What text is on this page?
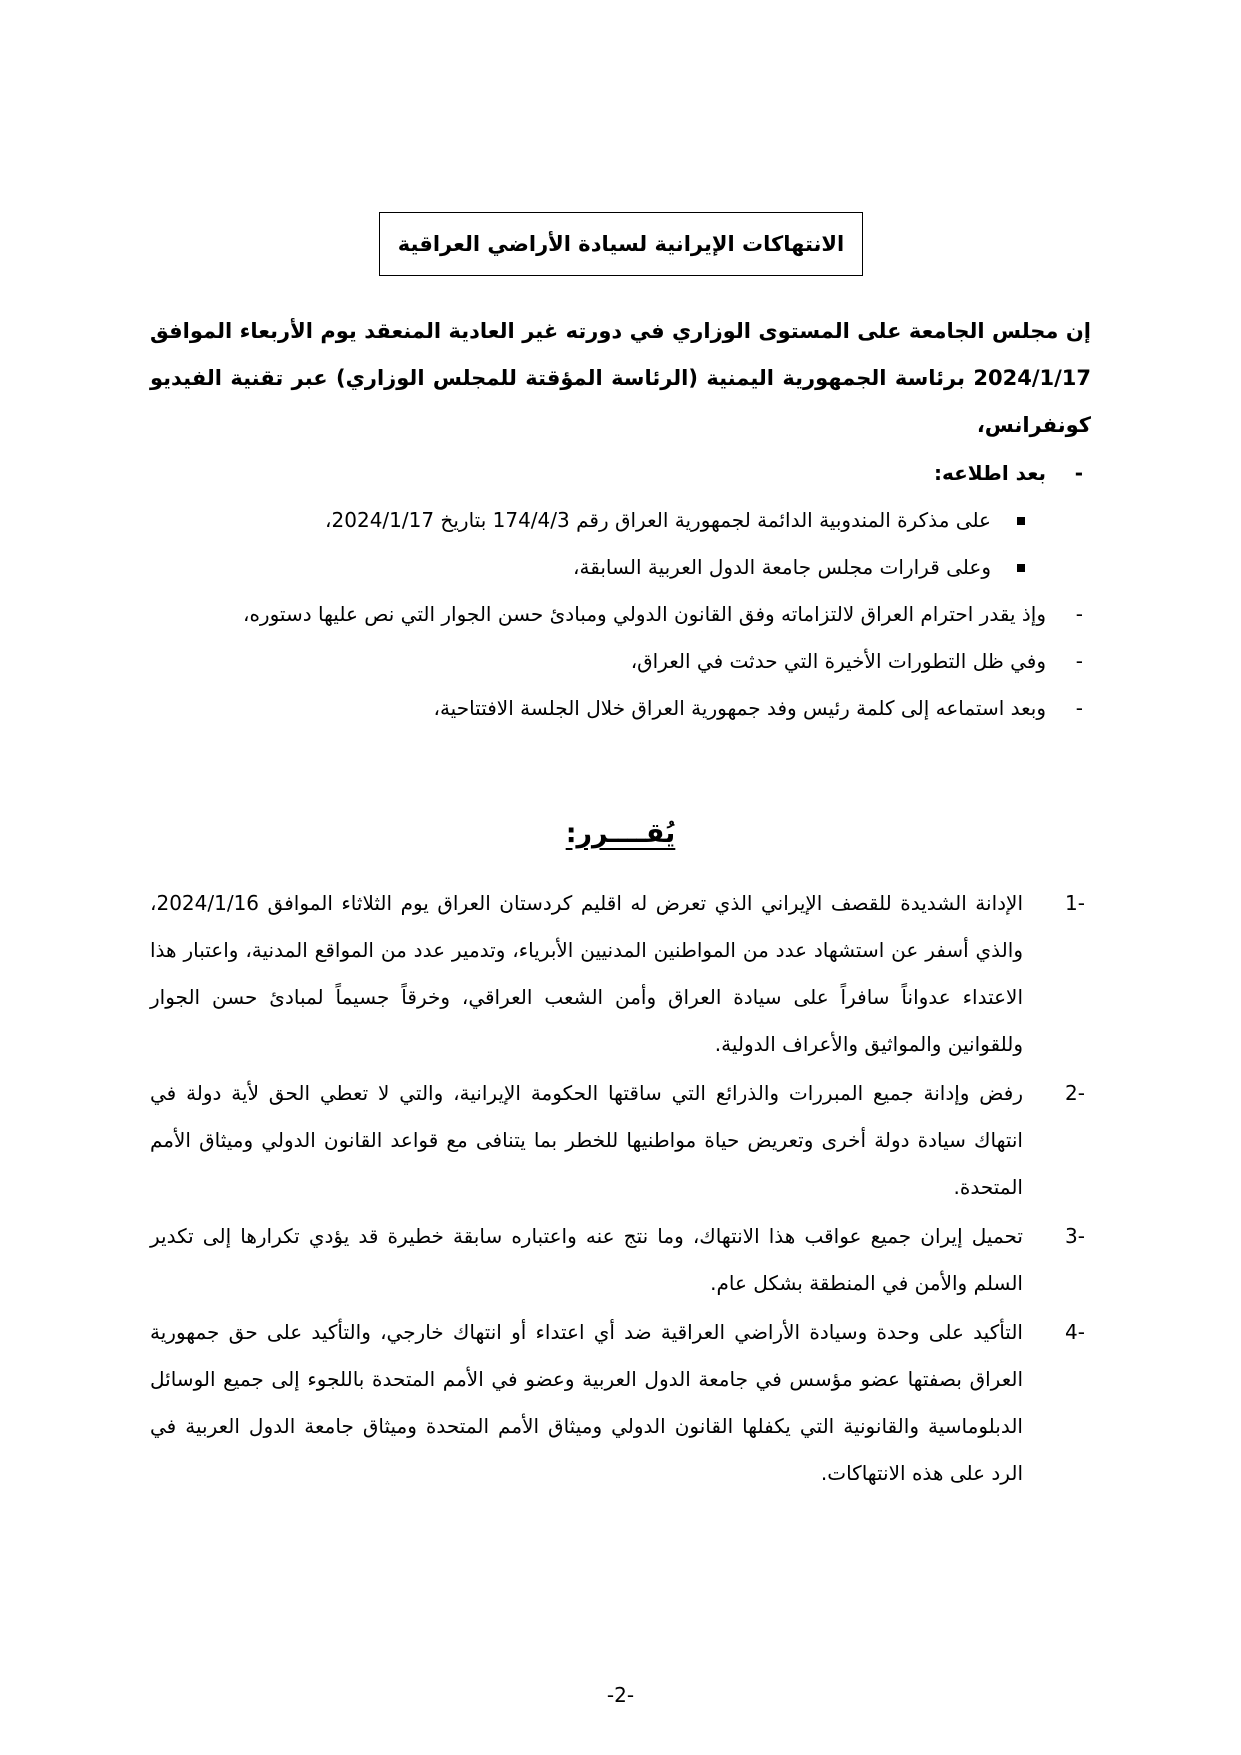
الانتهاكات الإيرانية لسيادة الأراضي العراقية
إن مجلس الجامعة على المستوى الوزاري في دورته غير العادية المنعقد يوم الأربعاء الموافق 2024/1/17 برئاسة الجمهورية اليمنية (الرئاسة المؤقتة للمجلس الوزاري) عبر تقنية الفيديو كونفرانس،
-
بعد اطلاعه:
على مذكرة المندوبية الدائمة لجمهورية العراق رقم 174/4/3 بتاريخ 2024/1/17،
وعلى قرارات مجلس جامعة الدول العربية السابقة،
-
وإذ يقدر احترام العراق لالتزاماته وفق القانون الدولي ومبادئ حسن الجوار التي نص عليها دستوره،
-
وفي ظل التطورات الأخيرة التي حدثت في العراق،
-
وبعد استماعه إلى كلمة رئيس وفد جمهورية العراق خلال الجلسة الافتتاحية،
يُقــــرر:
1-
الإدانة الشديدة للقصف الإيراني الذي تعرض له اقليم كردستان العراق يوم الثلاثاء الموافق 2024/1/16، والذي أسفر عن استشهاد عدد من المواطنين المدنيين الأبرياء، وتدمير عدد من المواقع المدنية، واعتبار هذا الاعتداء عدواناً سافراً على سيادة العراق وأمن الشعب العراقي، وخرقاً جسيماً لمبادئ حسن الجوار وللقوانين والمواثيق والأعراف الدولية.
2-
رفض وإدانة جميع المبررات والذرائع التي ساقتها الحكومة الإيرانية، والتي لا تعطي الحق لأية دولة في انتهاك سيادة دولة أخرى وتعريض حياة مواطنيها للخطر بما يتنافى مع قواعد القانون الدولي وميثاق الأمم المتحدة.
3-
تحميل إيران جميع عواقب هذا الانتهاك، وما نتج عنه واعتباره سابقة خطيرة قد يؤدي تكرارها إلى تكدير السلم والأمن في المنطقة بشكل عام.
4-
التأكيد على وحدة وسيادة الأراضي العراقية ضد أي اعتداء أو انتهاك خارجي، والتأكيد على حق جمهورية العراق بصفتها عضو مؤسس في جامعة الدول العربية وعضو في الأمم المتحدة باللجوء إلى جميع الوسائل الدبلوماسية والقانونية التي يكفلها القانون الدولي وميثاق الأمم المتحدة وميثاق جامعة الدول العربية في الرد على هذه الانتهاكات.
-2-
